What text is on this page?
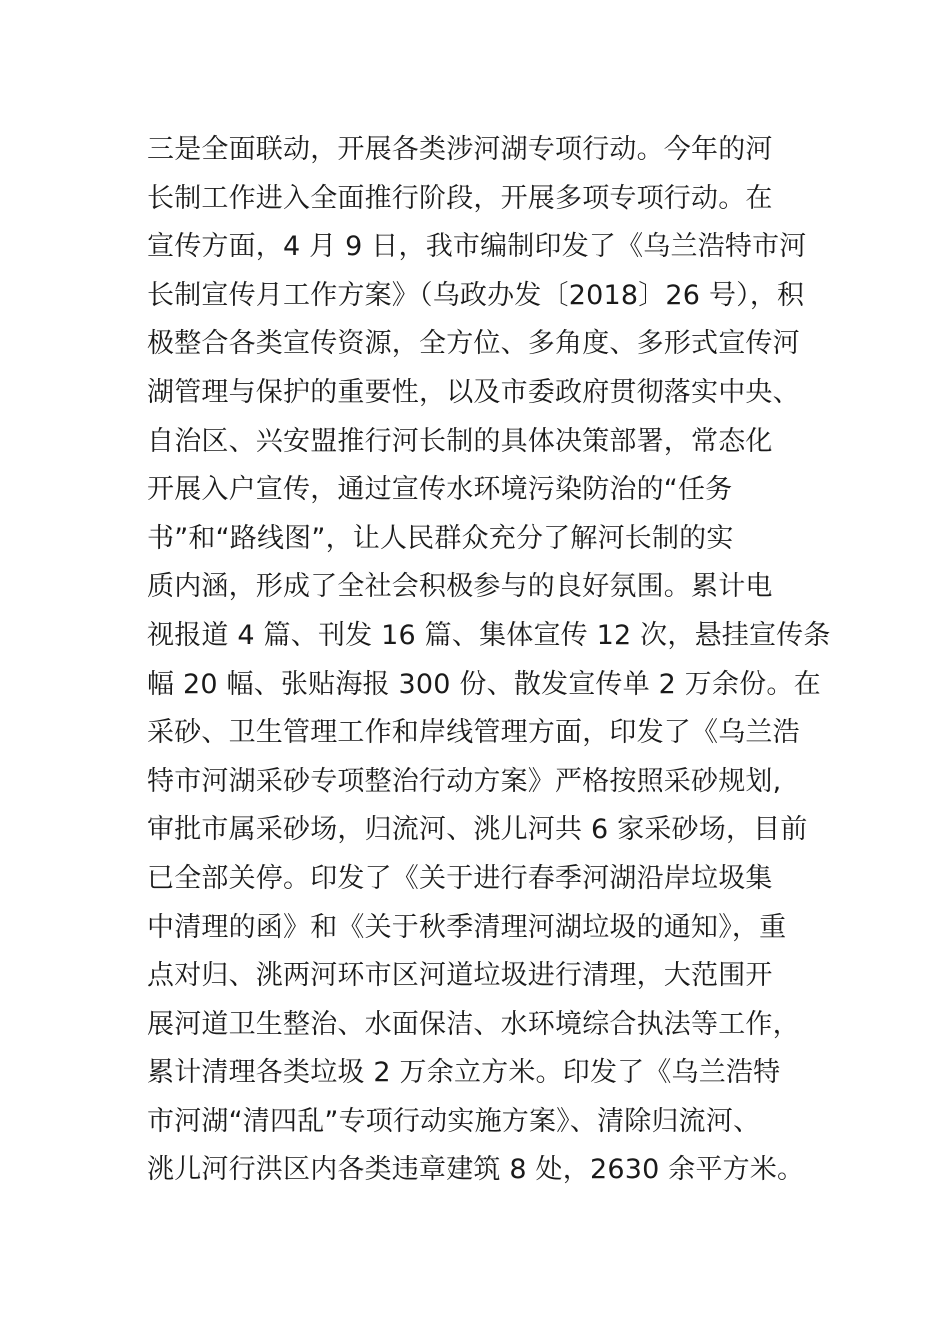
三是全面联动，开展各类涉河湖专项行动。今年的河
长制工作进入全面推行阶段，开展多项专项行动。在
宣传方面，4 月 9 日，我市编制印发了《乌兰浩特市河
长制宣传月工作方案》（乌政办发〔2018〕26 号），积
极整合各类宣传资源，全方位、多角度、多形式宣传河
湖管理与保护的重要性，以及市委政府贯彻落实中央、
自治区、兴安盟推行河长制的具体决策部署，常态化
开展入户宣传，通过宣传水环境污染防治的“任务
书”和“路线图”，让人民群众充分了解河长制的实
质内涵，形成了全社会积极参与的良好氛围。累计电
视报道 4 篇、刊发 16 篇、集体宣传 12 次，悬挂宣传条
幅 20 幅、张贴海报 300 份、散发宣传单 2 万余份。在
采砂、卫生管理工作和岸线管理方面，印发了《乌兰浩
特市河湖采砂专项整治行动方案》严格按照采砂规划,
审批市属采砂场，归流河、洮儿河共 6 家采砂场，目前
已全部关停。印发了《关于进行春季河湖沿岸垃圾集
中清理的函》和《关于秋季清理河湖垃圾的通知》，重
点对归、洮两河环市区河道垃圾进行清理，大范围开
展河道卫生整治、水面保洁、水环境综合执法等工作，
累计清理各类垃圾 2 万余立方米。印发了《乌兰浩特
市河湖“清四乱”专项行动实施方案》、清除归流河、
洮儿河行洪区内各类违章建筑 8 处，2630 余平方米。
